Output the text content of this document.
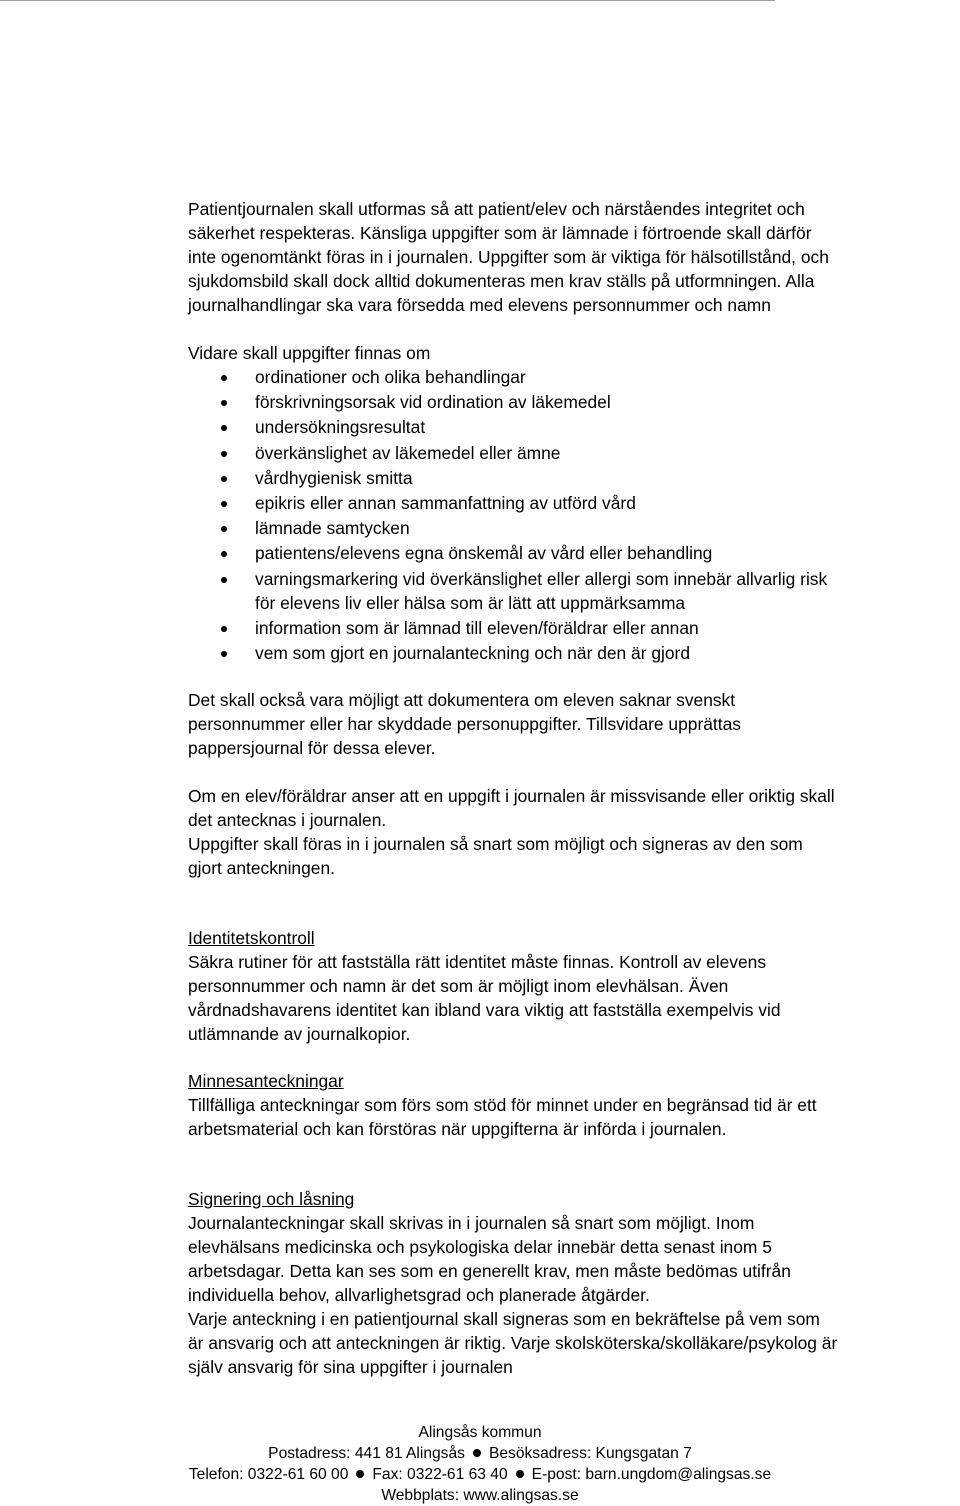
Patientjournalen skall utformas så att patient/elev och närståendes integritet och
säkerhet respekteras. Känsliga uppgifter som är lämnade i förtroende skall därför
inte ogenomtänkt föras in i journalen. Uppgifter som är viktiga för hälsotillstånd, och
sjukdomsbild skall dock alltid dokumenteras men krav ställs på utformningen. Alla
journalhandlingar ska vara försedda med elevens personnummer och namn

Vidare skall uppgifter finnas om

ordinationer och olika behandlingar
förskrivningsorsak vid ordination av läkemedel
undersökningsresultat
överkänslighet av läkemedel eller ämne
vårdhygienisk smitta
epikris eller annan sammanfattning av utförd vård
lämnade samtycken
patientens/elevens egna önskemål av vård eller behandling
varningsmarkering vid överkänslighet eller allergi som innebär allvarlig risk
för elevens liv eller hälsa som är lätt att uppmärksamma
information som är lämnad till eleven/föräldrar eller annan
vem som gjort en journalanteckning och när den är gjord

Det skall också vara möjligt att dokumentera om eleven saknar svenskt
personnummer eller har skyddade personuppgifter. Tillsvidare upprättas
pappersjournal för dessa elever.

Om en elev/föräldrar anser att en uppgift i journalen är missvisande eller oriktig skall
det antecknas i journalen.
Uppgifter skall föras in i journalen så snart som möjligt och signeras av den som
gjort anteckningen.

Identitetskontroll

Säkra rutiner för att fastställa rätt identitet måste finnas. Kontroll av elevens
personnummer och namn är det som är möjligt inom elevhälsan. Även
vårdnadshavarens identitet kan ibland vara viktig att fastställa exempelvis vid
utlämnande av journalkopior.

Minnesanteckningar

Tillfälliga anteckningar som förs som stöd för minnet under en begränsad tid är ett
arbetsmaterial och kan förstöras när uppgifterna är införda i journalen.

Signering och låsning

Journalanteckningar skall skrivas in i journalen så snart som möjligt. Inom
elevhälsans medicinska och psykologiska delar innebär detta senast inom 5
arbetsdagar. Detta kan ses som en generellt krav, men måste bedömas utifrån
individuella behov, allvarlighetsgrad och planerade åtgärder.
Varje anteckning i en patientjournal skall signeras som en bekräftelse på vem som
är ansvarig och att anteckningen är riktig. Varje skolsköterska/skolläkare/psykolog är
själv ansvarig för sina uppgifter i journalen

Alingsås kommun
Postadress: 441 81 Alingsås Besöksadress: Kungsgatan 7
Telefon: 0322-61 60 00 Fax: 0322-61 63 40 E-post: barn.ungdom@alingsas.se
Webbplats: www.alingsas.se
